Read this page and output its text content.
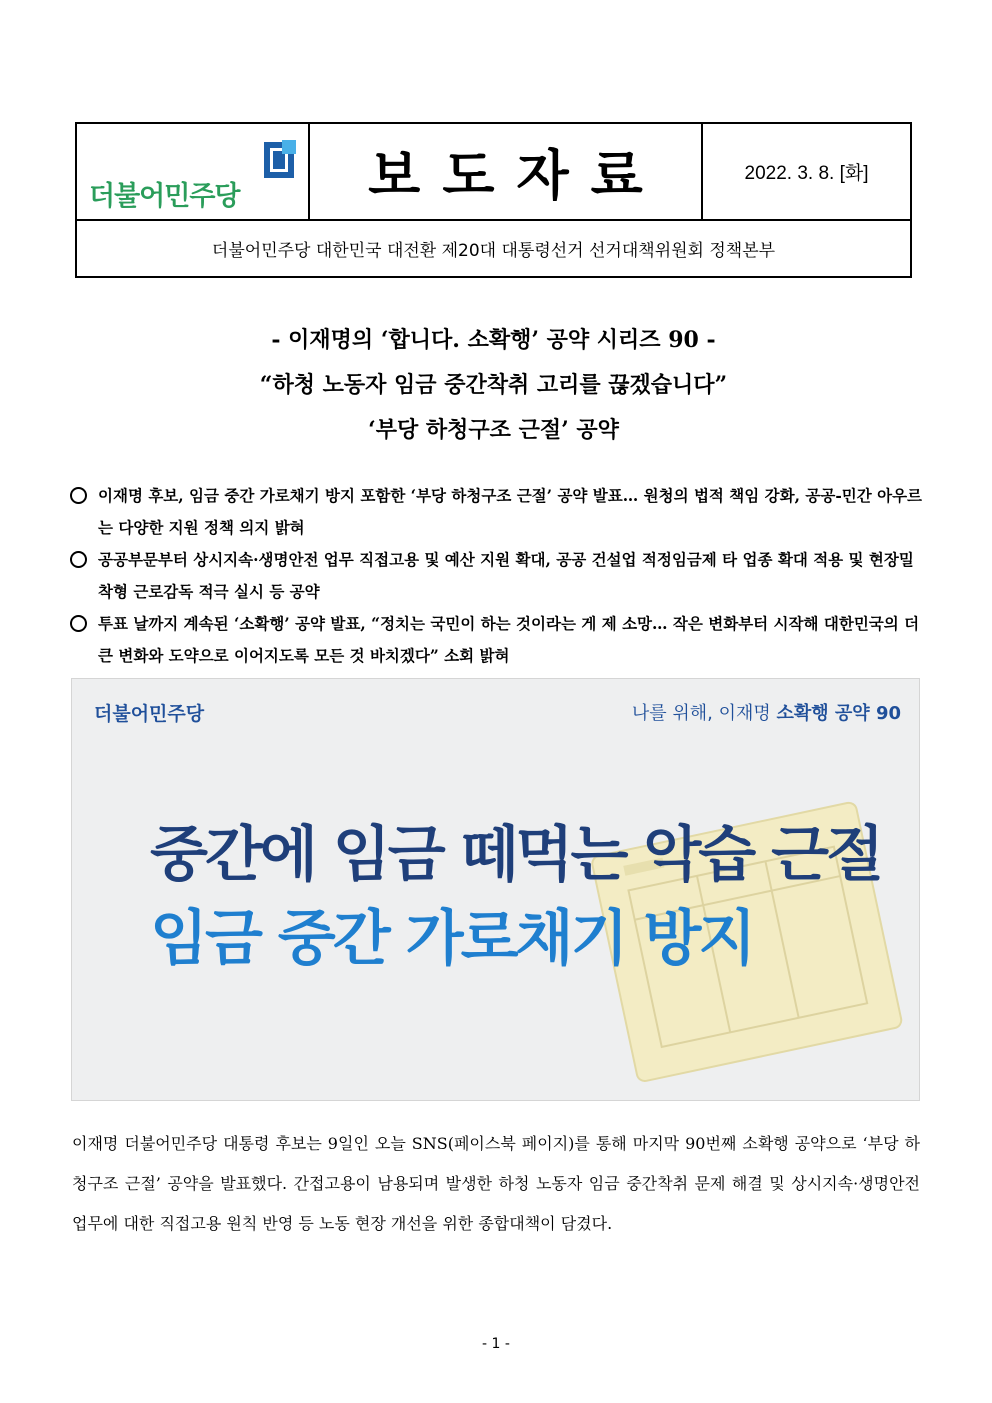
더불어민주당 보도자료	2022. 3. 8. [화]
더불어민주당 대한민국 대전환 제20대 대통령선거 선거대책위원회 정책본부
- 이재명의 ‘합니다. 소확행’ 공약 시리즈 90 -
“하청 노동자 임금 중간착취 고리를 끊겠습니다”
‘부당 하청구조 근절’ 공약
이재명 후보, 임금 중간 가로채기 방지 포함한 ‘부당 하청구조 근절’ 공약 발표… 원청의 법적 책임 강화, 공공-민간 아우르는 다양한 지원 정책 의지 밝혀
공공부문부터 상시지속·생명안전 업무 직접고용 및 예산 지원 확대, 공공 건설업 적정임금제 타 업종 확대 적용 및 현장밀착형 근로감독 적극 실시 등 공약
투표 날까지 계속된 ‘소확행’ 공약 발표, “정치는 국민이 하는 것이라는 게 제 소망… 작은 변화부터 시작해 대한민국의 더 큰 변화와 도약으로 이어지도록 모든 것 바치겠다” 소회 밝혀
더불어민주당	나를 위해, 이재명 소확행 공약 90
중간에 임금 떼먹는 악습 근절
임금 중간 가로채기 방지
이재명 더불어민주당 대통령 후보는 9일인 오늘 SNS(페이스북 페이지)를 통해 마지막 90번째 소확행 공약으로 ‘부당 하청구조 근절’ 공약을 발표했다. 간접고용이 남용되며 발생한 하청 노동자 임금 중간착취 문제 해결 및 상시지속·생명안전 업무에 대한 직접고용 원칙 반영 등 노동 현장 개선을 위한 종합대책이 담겼다.
- 1 -
